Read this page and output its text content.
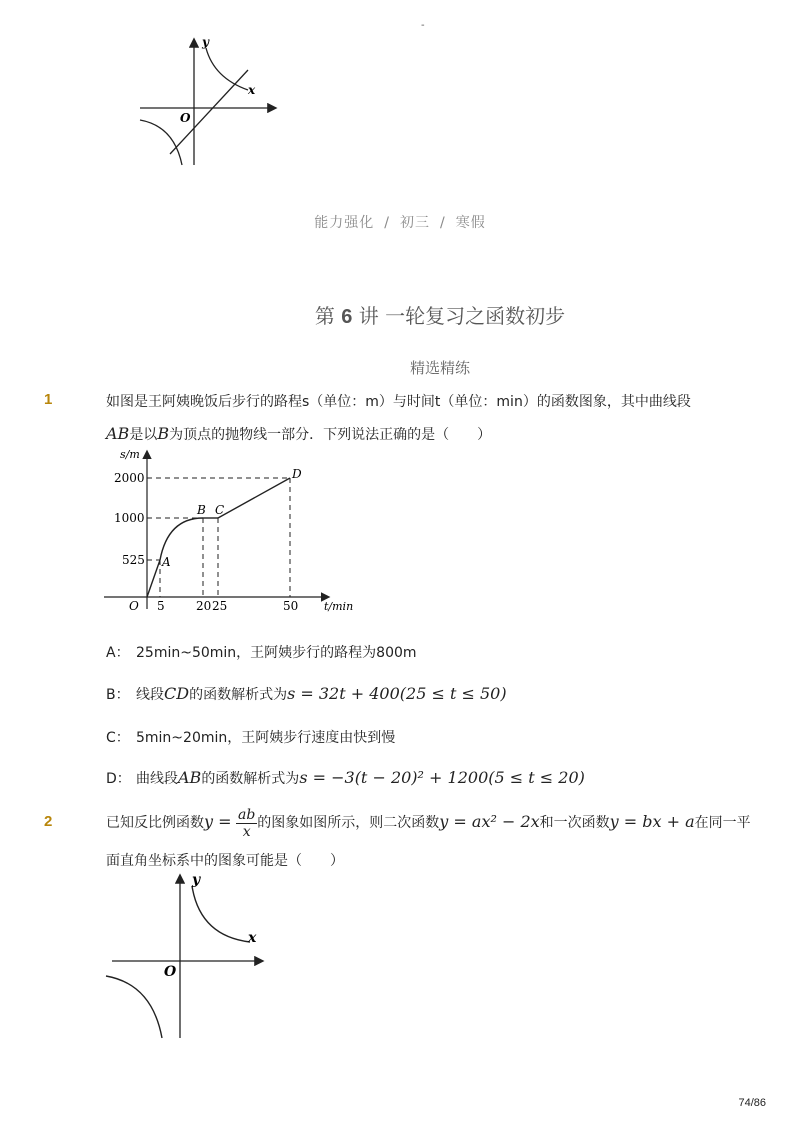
-
y
x
O
能力强化 / 初三 / 寒假
第 6 讲 一轮复习之函数初步
精选精练
1	如图是王阿姨晚饭后步行的路程s（单位：m）与时间t（单位：min）的函数图象，其中曲线段
AB是以B为顶点的抛物线一部分．下列说法正确的是（　　）
s/m
t/min
O
2000
1000
525
5	20 25	50
A
B C
D
A： 25min~50min，王阿姨步行的路程为800m
B： 线段CD的函数解析式为s = 32t + 400(25 ≤ t ≤ 50)
C： 5min~20min，王阿姨步行速度由快到慢
D： 曲线段AB的函数解析式为s = −3(t − 20)² + 1200(5 ≤ t ≤ 20)
2	已知反比例函数$y = \frac{ab}{x}$ 的图象如图所示，则二次函数y = ax² − 2x和一次函数y = bx + a在同一平
面直角坐标系中的图象可能是（　　）
y
x
O
74/86
